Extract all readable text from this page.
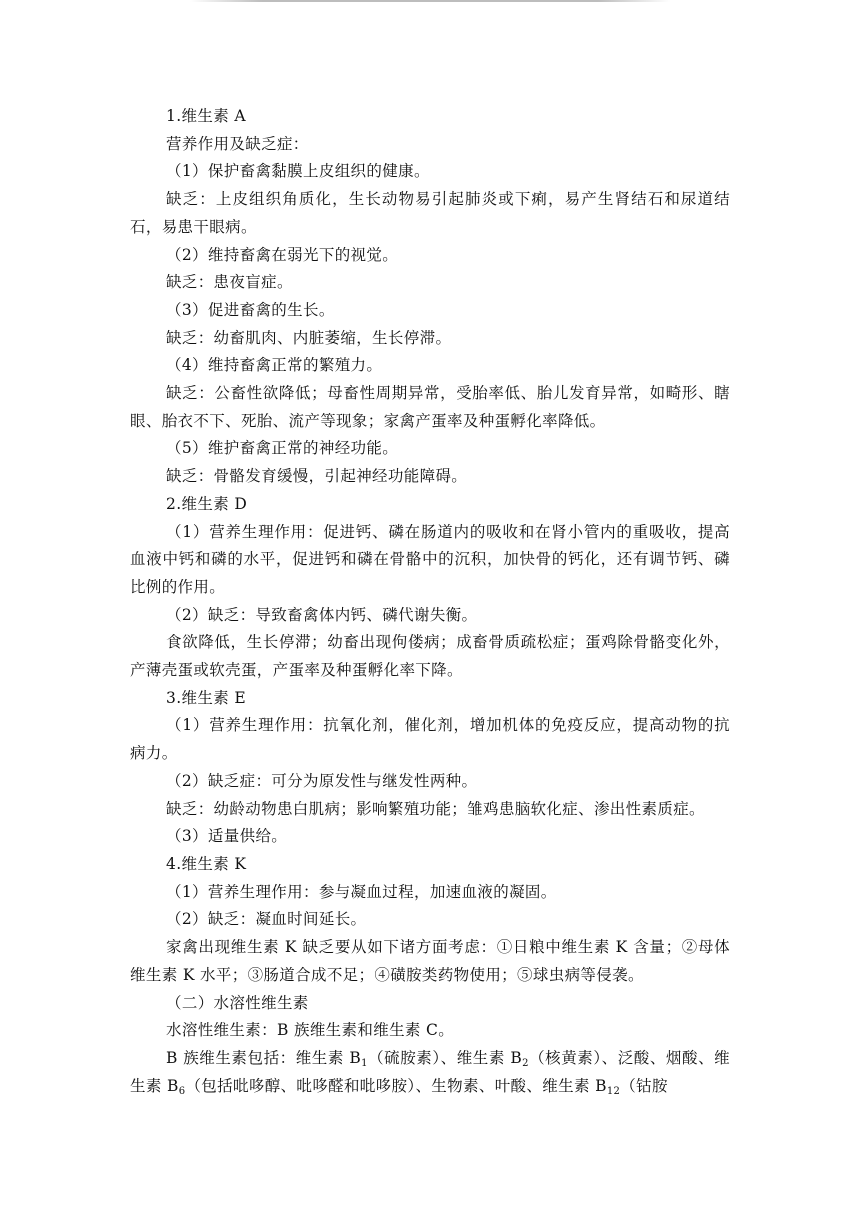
1.维生素 A

营养作用及缺乏症：

（1）保护畜禽黏膜上皮组织的健康。

缺乏：上皮组织角质化，生长动物易引起肺炎或下痢，易产生肾结石和尿道结石，易患干眼病。

（2）维持畜禽在弱光下的视觉。

缺乏：患夜盲症。

（3）促进畜禽的生长。

缺乏：幼畜肌肉、内脏萎缩，生长停滞。

（4）维持畜禽正常的繁殖力。

缺乏：公畜性欲降低；母畜性周期异常，受胎率低、胎儿发育异常，如畸形、瞎眼、胎衣不下、死胎、流产等现象；家禽产蛋率及种蛋孵化率降低。

（5）维护畜禽正常的神经功能。

缺乏：骨骼发育缓慢，引起神经功能障碍。

2.维生素 D

（1）营养生理作用：促进钙、磷在肠道内的吸收和在肾小管内的重吸收，提高血液中钙和磷的水平，促进钙和磷在骨骼中的沉积，加快骨的钙化，还有调节钙、磷比例的作用。

（2）缺乏：导致畜禽体内钙、磷代谢失衡。

食欲降低，生长停滞；幼畜出现佝偻病；成畜骨质疏松症；蛋鸡除骨骼变化外，产薄壳蛋或软壳蛋，产蛋率及种蛋孵化率下降。

3.维生素 E

（1）营养生理作用：抗氧化剂，催化剂，增加机体的免疫反应，提高动物的抗病力。

（2）缺乏症：可分为原发性与继发性两种。

缺乏：幼龄动物患白肌病；影响繁殖功能；雏鸡患脑软化症、渗出性素质症。

（3）适量供给。

4.维生素 K

（1）营养生理作用：参与凝血过程，加速血液的凝固。

（2）缺乏：凝血时间延长。

家禽出现维生素 K 缺乏要从如下诸方面考虑：①日粮中维生素 K 含量；②母体维生素 K 水平；③肠道合成不足；④磺胺类药物使用；⑤球虫病等侵袭。

（二）水溶性维生素

水溶性维生素：B 族维生素和维生素 C。

B 族维生素包括：维生素 $B_1$（硫胺素）、维生素 $B_2$（核黄素）、泛酸、烟酸、维生素 $B_6$（包括吡哆醇、吡哆醛和吡哆胺）、生物素、叶酸、维生素 $B_{12}$（钴胺
